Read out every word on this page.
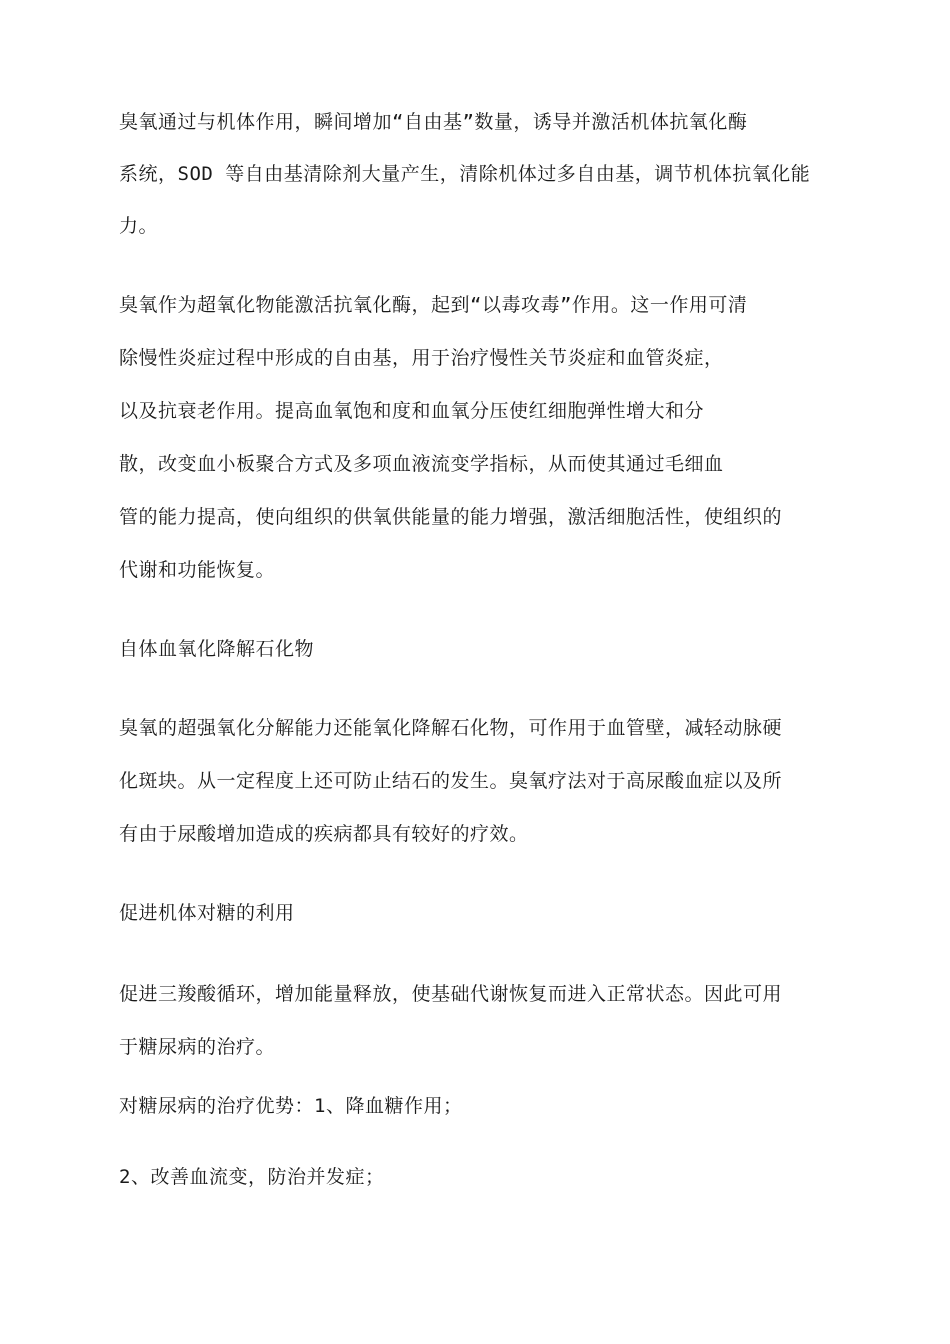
臭氧通过与机体作用，瞬间增加“自由基”数量，诱导并激活机体抗氧化酶

系统，SOD 等自由基清除剂大量产生，清除机体过多自由基，调节机体抗氧化能

力。

臭氧作为超氧化物能激活抗氧化酶，起到“以毒攻毒”作用。这一作用可清

除慢性炎症过程中形成的自由基，用于治疗慢性关节炎症和血管炎症，

以及抗衰老作用。提高血氧饱和度和血氧分压使红细胞弹性增大和分

散，改变血小板聚合方式及多项血液流变学指标，从而使其通过毛细血

管的能力提高，使向组织的供氧供能量的能力增强，激活细胞活性，使组织的

代谢和功能恢复。

自体血氧化降解石化物

臭氧的超强氧化分解能力还能氧化降解石化物，可作用于血管壁，减轻动脉硬

化斑块。从一定程度上还可防止结石的发生。臭氧疗法对于高尿酸血症以及所

有由于尿酸增加造成的疾病都具有较好的疗效。

促进机体对糖的利用

促进三羧酸循环，增加能量释放，使基础代谢恢复而进入正常状态。因此可用

于糖尿病的治疗。

对糖尿病的治疗优势：1、降血糖作用；

2、改善血流变，防治并发症；
